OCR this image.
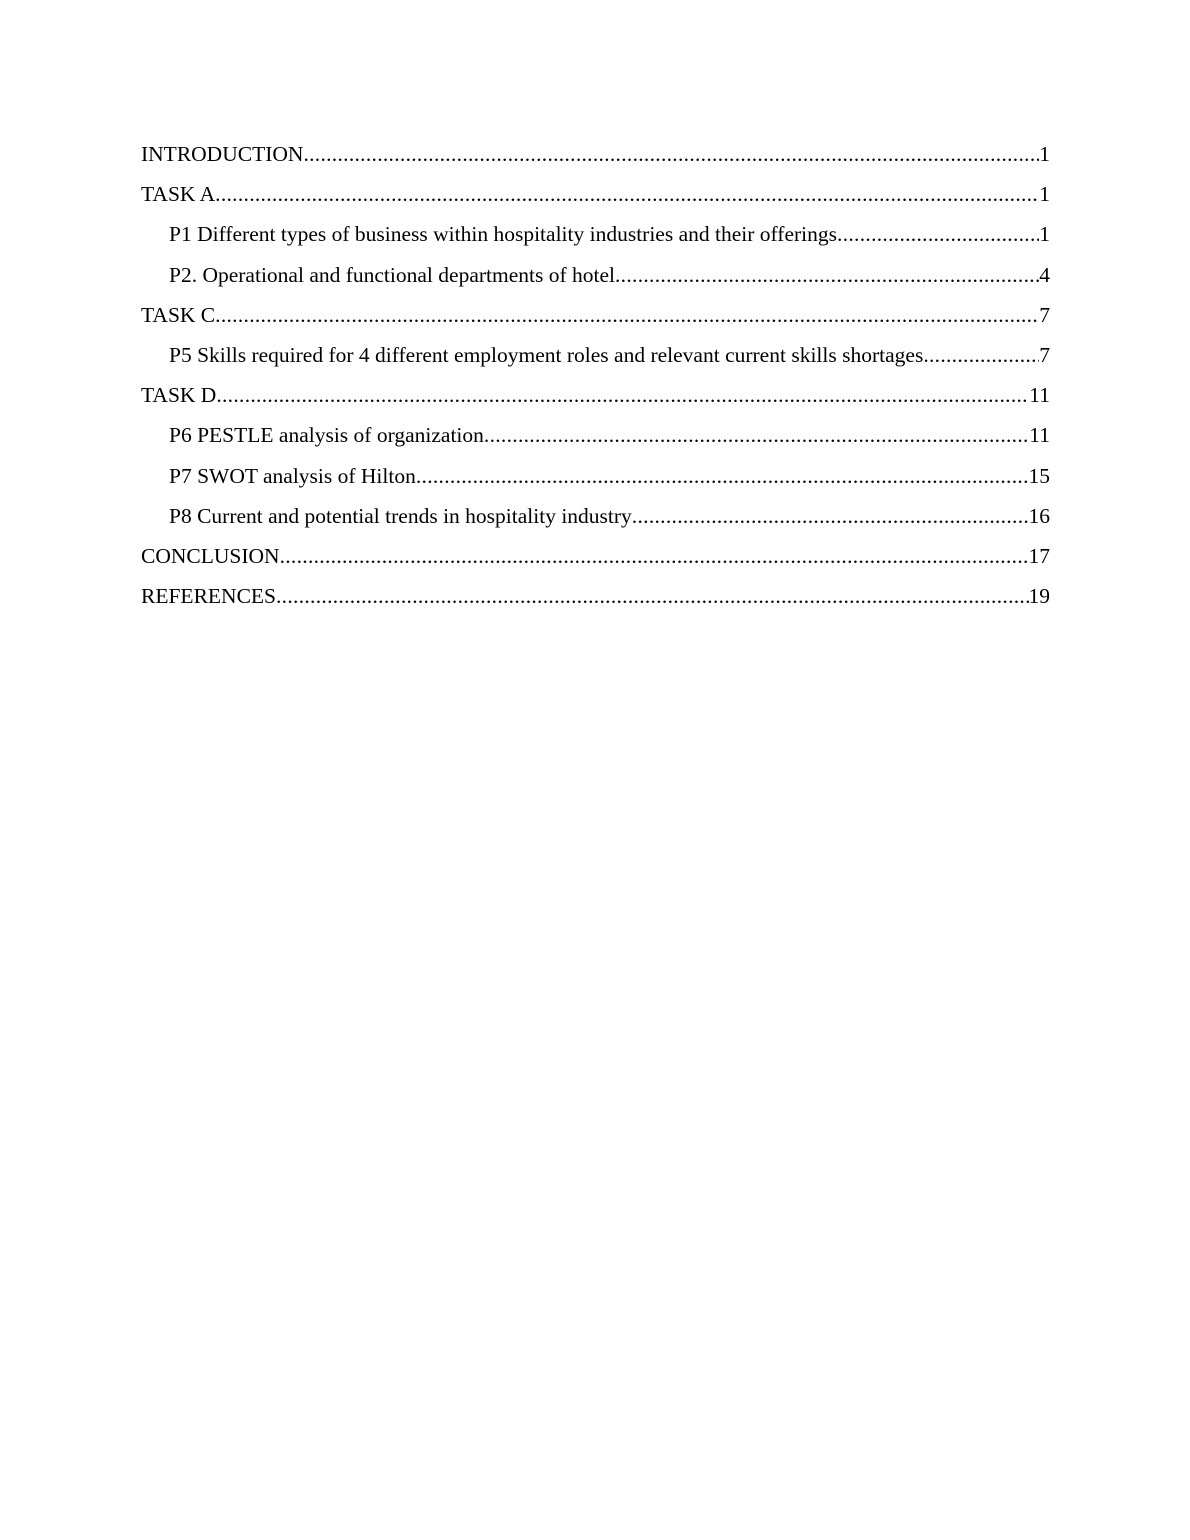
INTRODUCTION .....	1
TASK A .....	1
P1 Different types of business within hospitality industries and their offerings .....	1
P2. Operational and functional departments of hotel .....	4
TASK C .....	7
P5 Skills required for 4 different employment roles and relevant current skills shortages .....	7
TASK D .....	11
P6 PESTLE analysis of organization .....	11
P7 SWOT analysis of Hilton .....	15
P8 Current and potential trends in hospitality industry .....	16
CONCLUSION .....	17
REFERENCES .....	19
